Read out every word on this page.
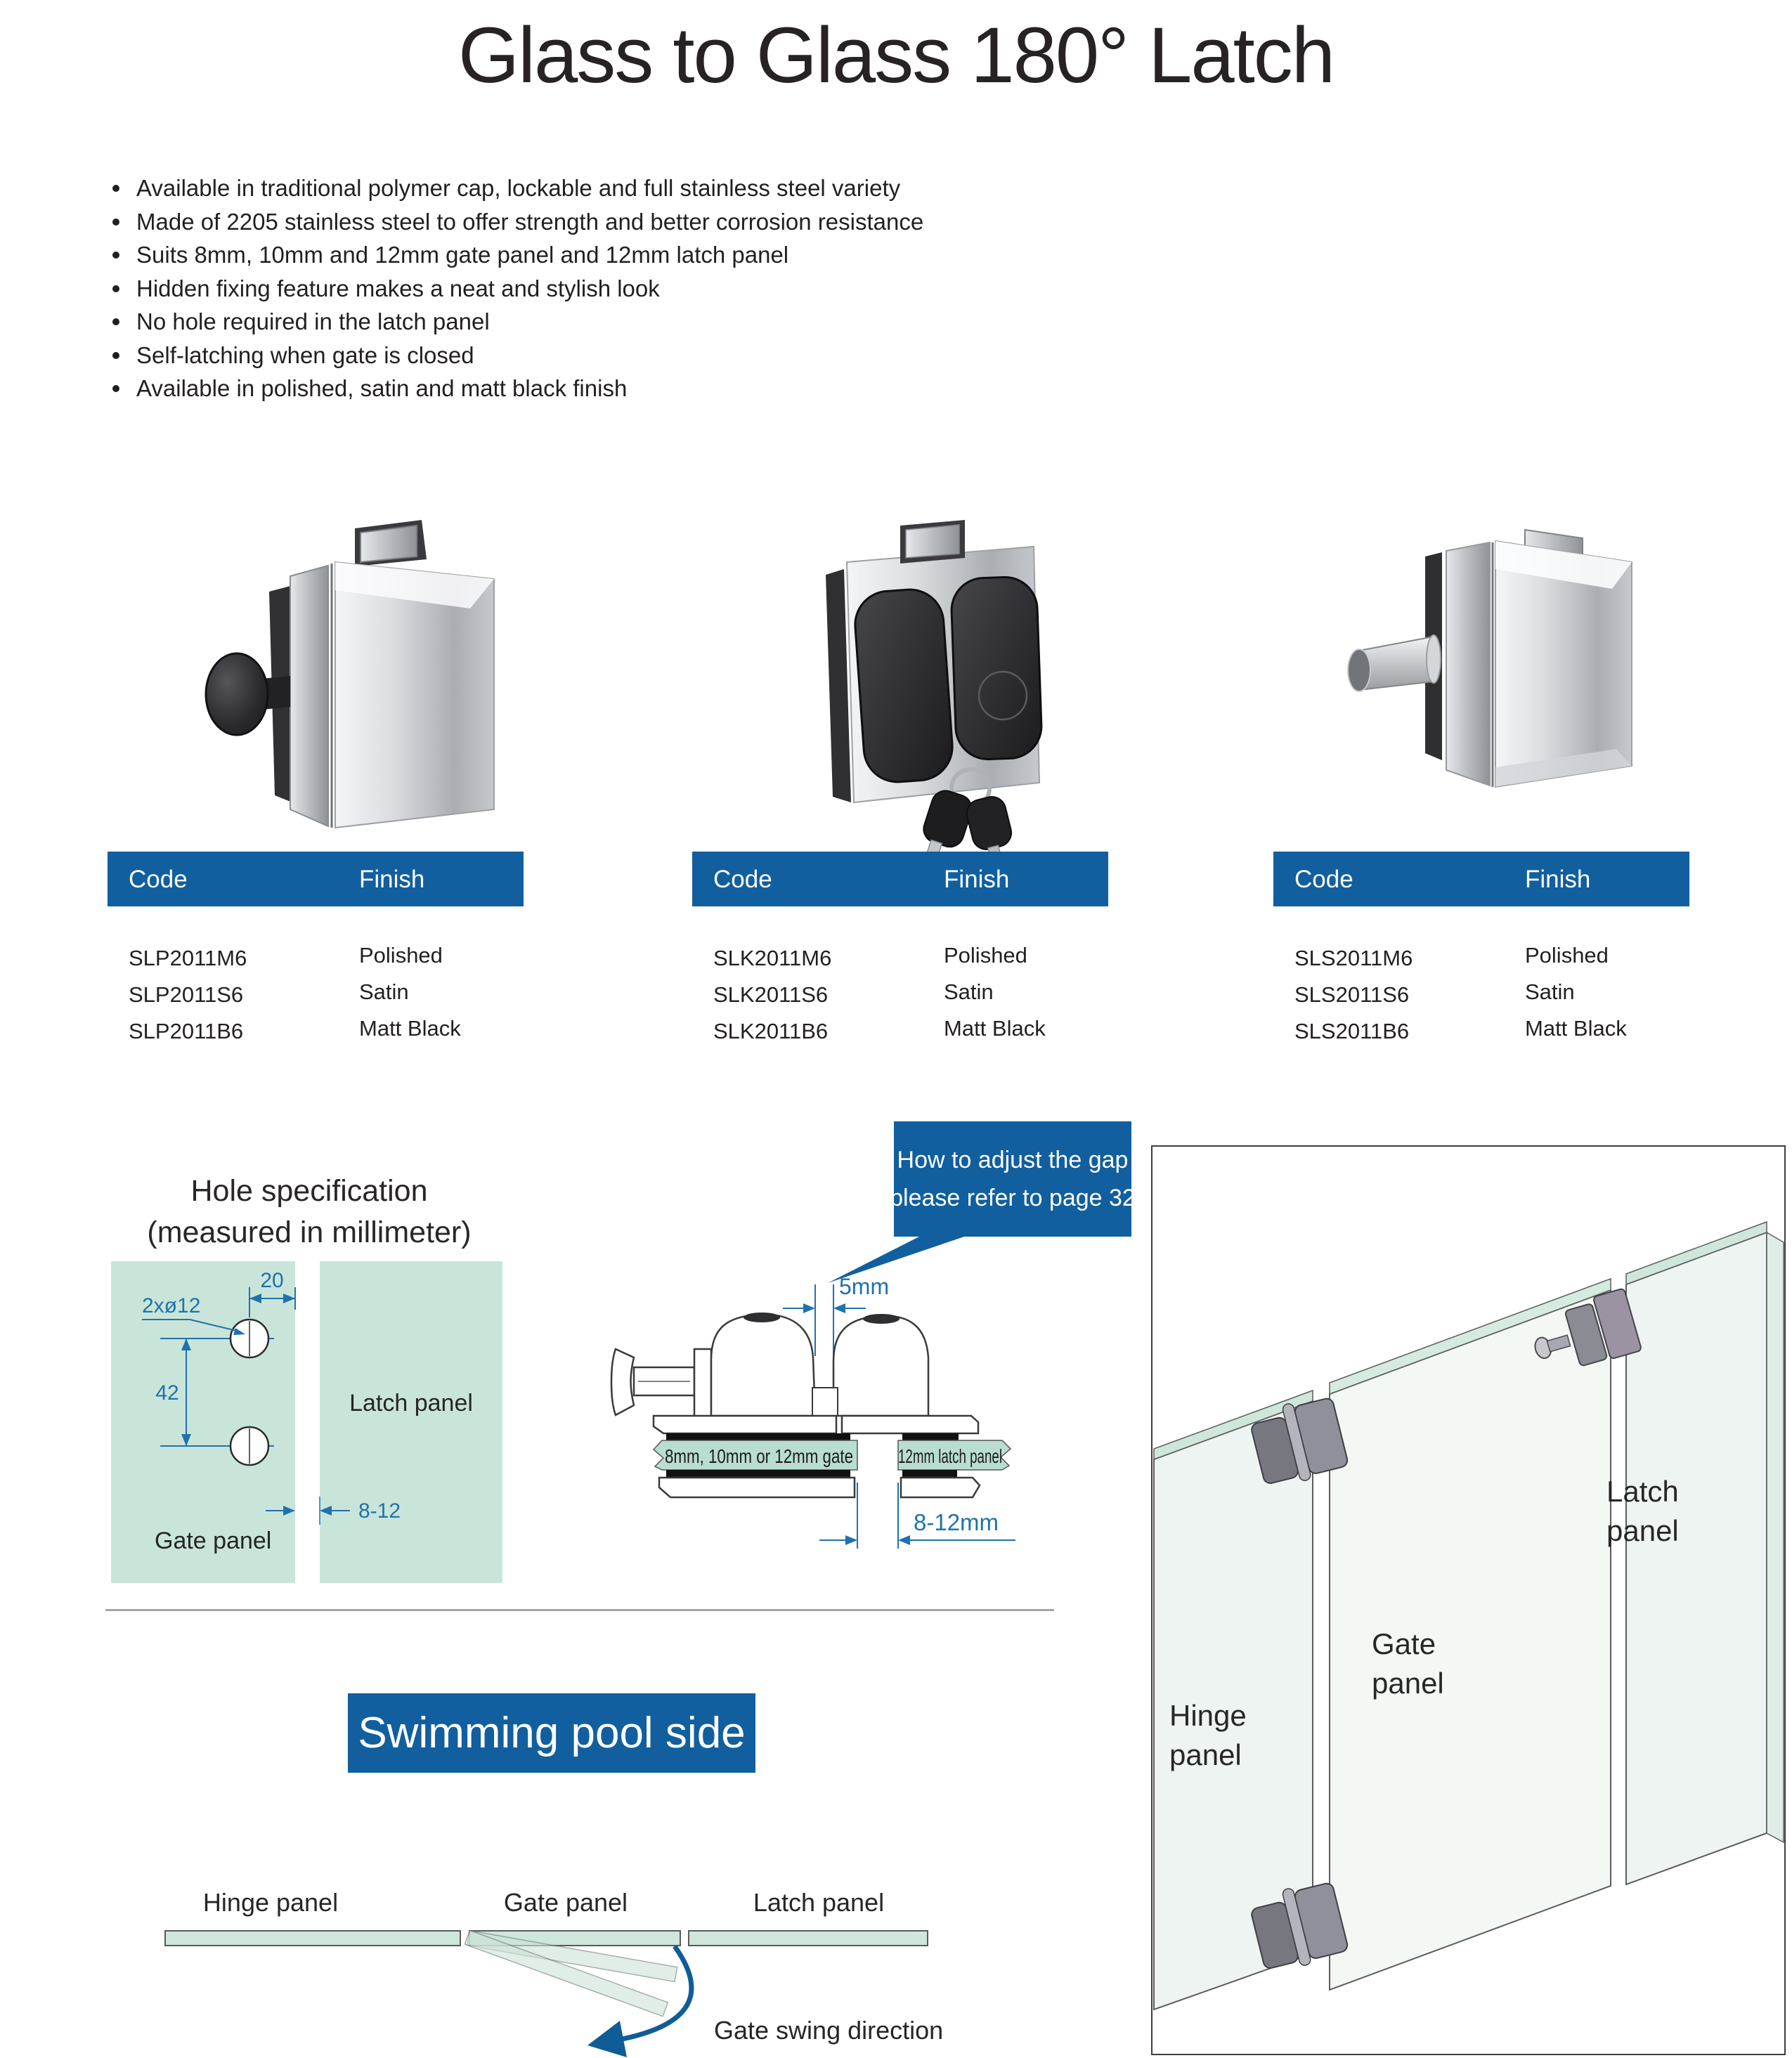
Glass to Glass 180° Latch
Available in traditional polymer cap, lockable and full stainless steel variety
Made of 2205 stainless steel to offer strength and better corrosion resistance
Suits 8mm, 10mm and 12mm gate panel and 12mm latch panel
Hidden fixing feature makes a neat and stylish look
No hole required in the latch panel
Self-latching when gate is closed
Available in polished, satin and matt black finish
Code	Finish
SLP2011M6	Polished
SLP2011S6	Satin
SLP2011B6	Matt Black
Code	Finish
SLK2011M6	Polished
SLK2011S6	Satin
SLK2011B6	Matt Black
Code	Finish
SLS2011M6	Polished
SLS2011S6	Satin
SLS2011B6	Matt Black
Hole specification
(measured in millimeter)
20
2xø12
42
8-12
Latch panel
Gate panel
How to adjust the gap
please refer to page 32
5mm
8mm, 10mm or 12mm gate 12mm latch panel
8-12mm
Latch
panel
Gate
panel
Hinge
panel
Swimming pool side
Hinge panel	Gate panel	Latch panel
Gate swing direction
